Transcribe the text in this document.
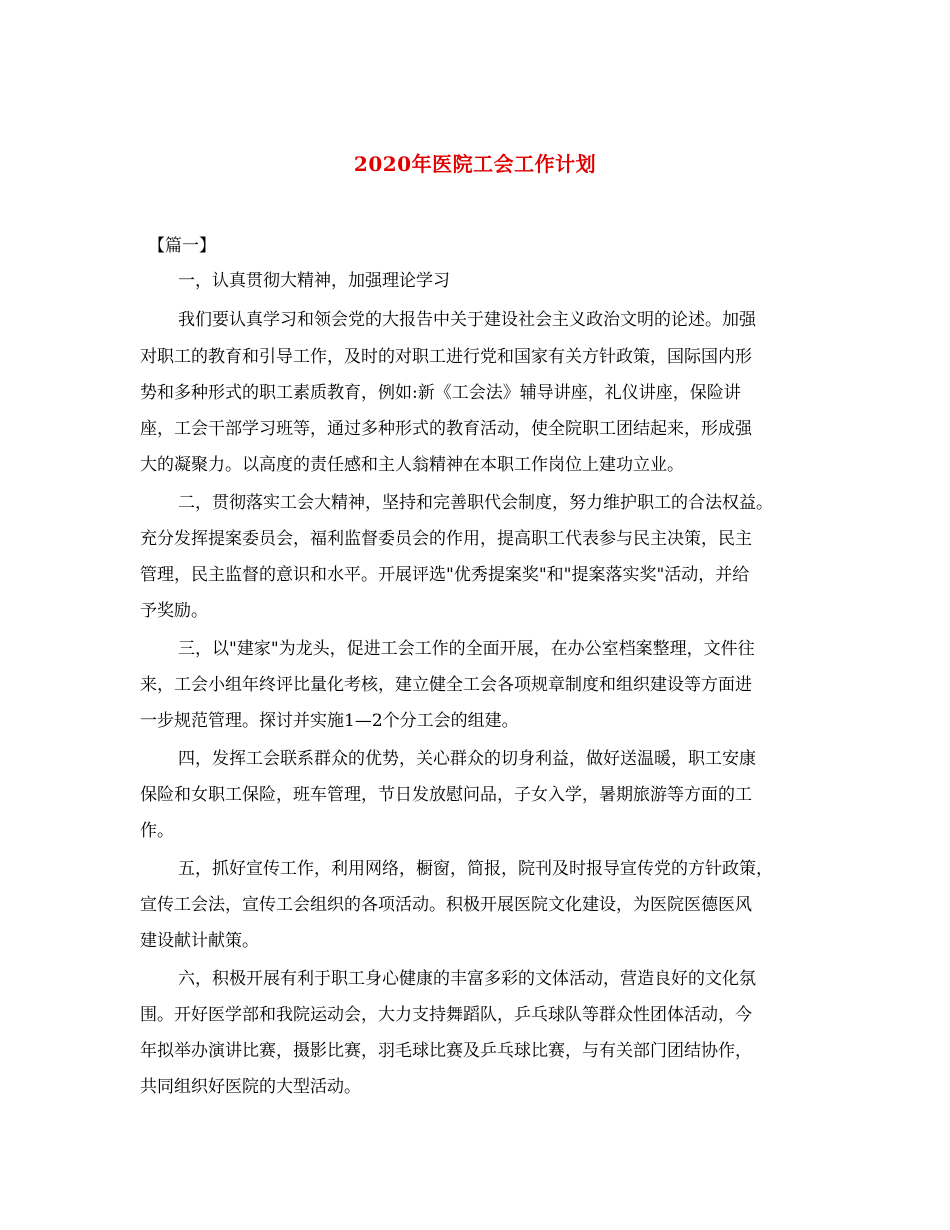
2020年医院工会工作计划
【篇一】
一，认真贯彻大精神，加强理论学习
我们要认真学习和领会党的大报告中关于建设社会主义政治文明的论述。加强
对职工的教育和引导工作，及时的对职工进行党和国家有关方针政策，国际国内形
势和多种形式的职工素质教育，例如:新《工会法》辅导讲座，礼仪讲座，保险讲
座，工会干部学习班等，通过多种形式的教育活动，使全院职工团结起来，形成强
大的凝聚力。以高度的责任感和主人翁精神在本职工作岗位上建功立业。
二，贯彻落实工会大精神，坚持和完善职代会制度，努力维护职工的合法权益。
充分发挥提案委员会，福利监督委员会的作用，提高职工代表参与民主决策，民主
管理，民主监督的意识和水平。开展评选"优秀提案奖"和"提案落实奖"活动，并给
予奖励。
三，以"建家"为龙头，促进工会工作的全面开展，在办公室档案整理，文件往
来，工会小组年终评比量化考核，建立健全工会各项规章制度和组织建设等方面进
一步规范管理。探讨并实施1—2个分工会的组建。
四，发挥工会联系群众的优势，关心群众的切身利益，做好送温暖，职工安康
保险和女职工保险，班车管理，节日发放慰问品，子女入学，暑期旅游等方面的工
作。
五，抓好宣传工作，利用网络，橱窗，简报，院刊及时报导宣传党的方针政策，
宣传工会法，宣传工会组织的各项活动。积极开展医院文化建设，为医院医德医风
建设献计献策。
六，积极开展有利于职工身心健康的丰富多彩的文体活动，营造良好的文化氛
围。开好医学部和我院运动会，大力支持舞蹈队，乒乓球队等群众性团体活动，今
年拟举办演讲比赛，摄影比赛，羽毛球比赛及乒乓球比赛，与有关部门团结协作，
共同组织好医院的大型活动。
